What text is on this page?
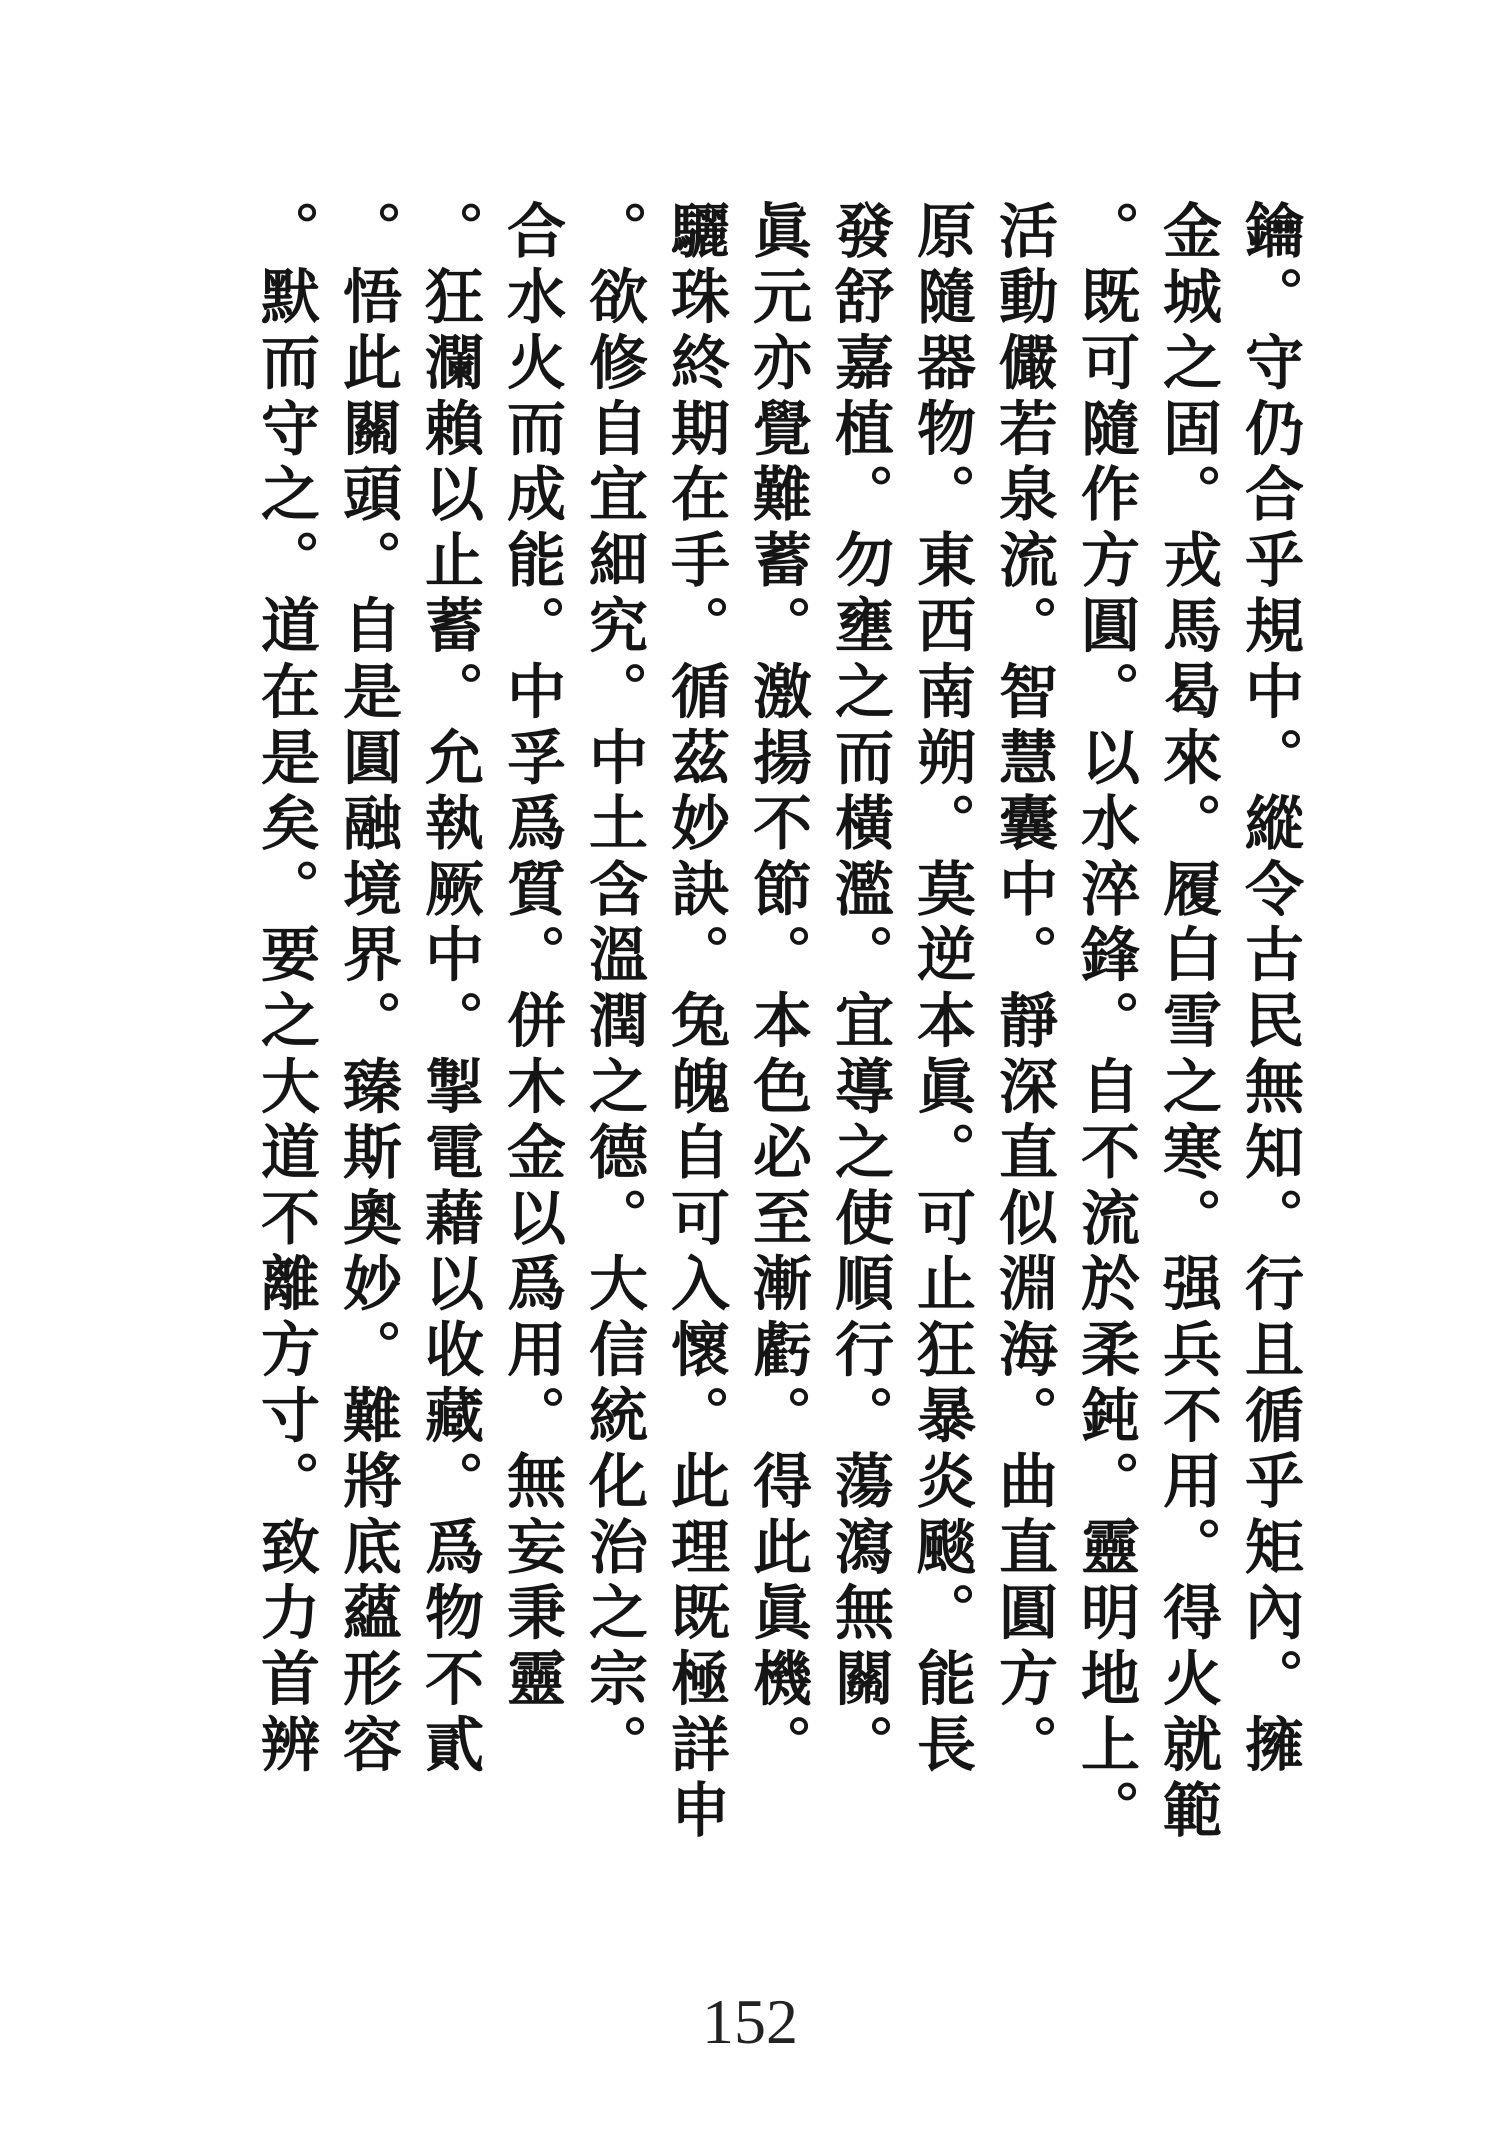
鑰。守仍合乎規中。縱令古民無知。行且循乎矩內。擁
金城之固。戎馬曷來。履白雪之寒。强兵不用。得火就範
。既可隨作方圓。以水淬鋒。自不流於柔鈍。靈明地上。
活動儼若泉流。智慧囊中。靜深直似淵海。曲直圓方。
原隨器物。東西南朔。莫逆本眞。可止狂暴炎颷。能長
發舒嘉植。勿壅之而橫濫。宜導之使順行。蕩瀉無關。
眞元亦覺難蓄。激揚不節。本色必至漸虧。得此眞機。
驪珠終期在手。循茲妙訣。兔魄自可入懷。此理既極詳申
。欲修自宜細究。中土含溫潤之德。大信統化治之宗。
合水火而成能。中孚爲質。併木金以爲用。無妄秉靈
。狂瀾賴以止蓄。允執厥中。掣電藉以收藏。爲物不貳
。悟此關頭。自是圓融境界。臻斯奧妙。難將底蘊形容
。默而守之。道在是矣。要之大道不離方寸。致力首辨
152
